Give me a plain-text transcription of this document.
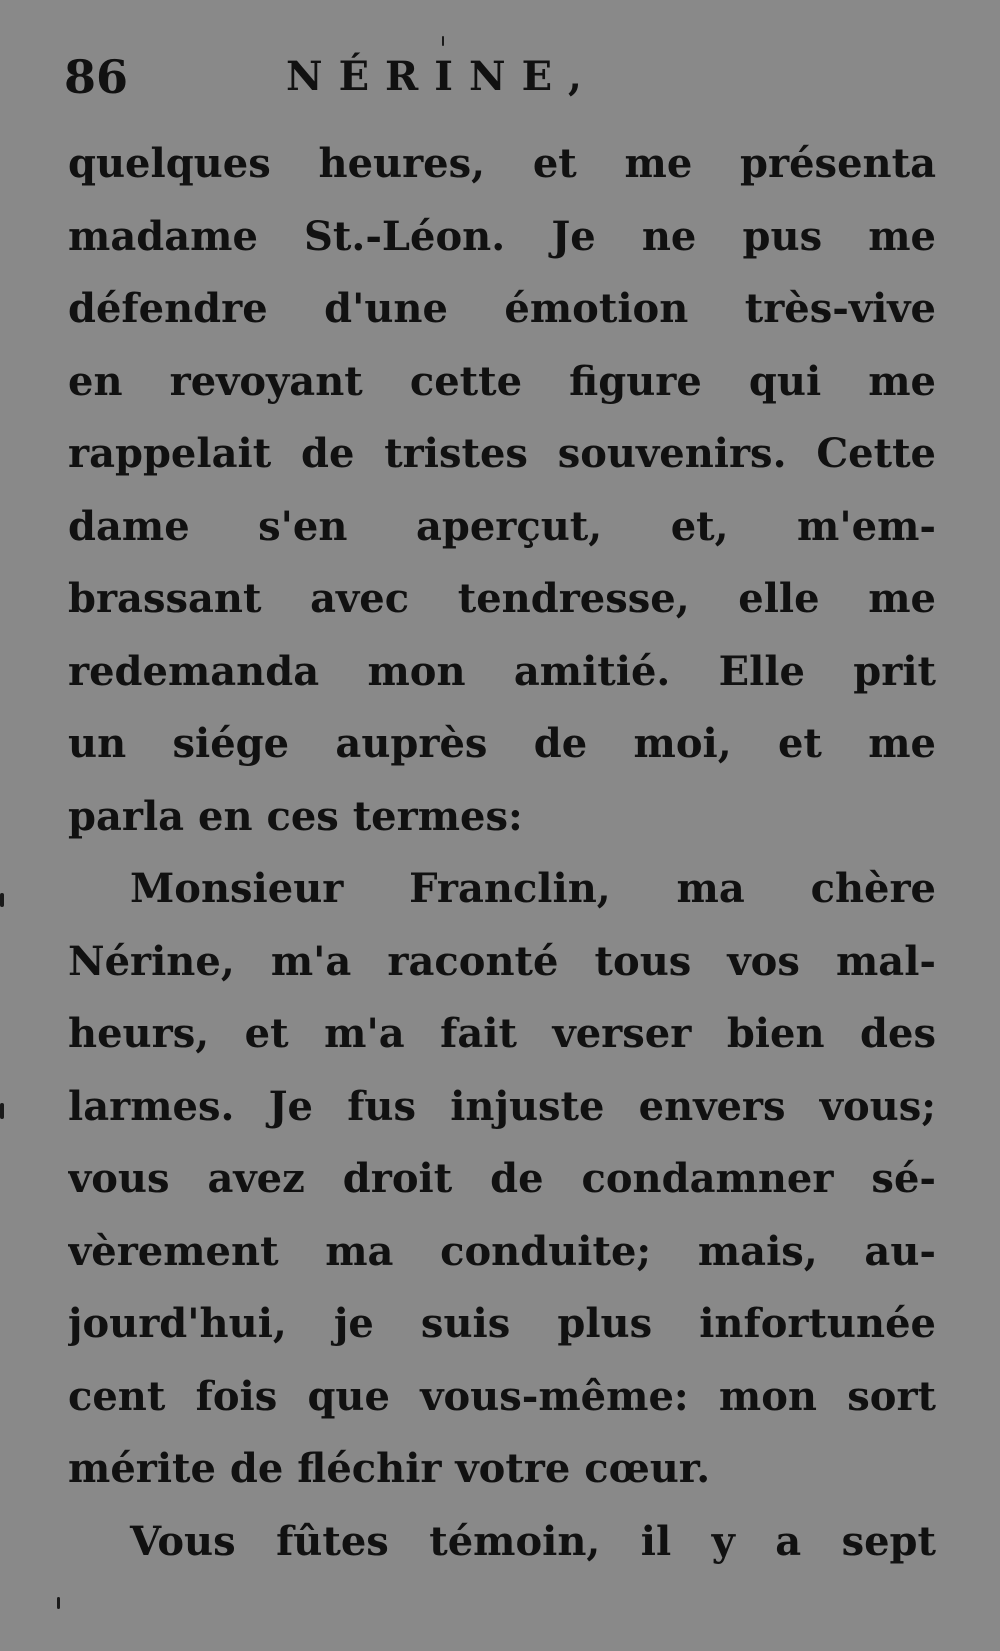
86	NÉRINE,
quelques heures, et me présenta
madame St.-Léon. Je ne pus me
défendre d'une émotion très-vive
en revoyant cette figure qui me
rappelait de tristes souvenirs. Cette
dame s'en aperçut, et, m'em-
brassant avec tendresse, elle me
redemanda mon amitié. Elle prit
un siége auprès de moi, et me
parla en ces termes:
Monsieur Franclin, ma chère
Nérine, m'a raconté tous vos mal-
heurs, et m'a fait verser bien des
larmes. Je fus injuste envers vous;
vous avez droit de condamner sé-
vèrement ma conduite; mais, au-
jourd'hui, je suis plus infortunée
cent fois que vous-même: mon sort
mérite de fléchir votre cœur.
Vous fûtes témoin, il y a sept
